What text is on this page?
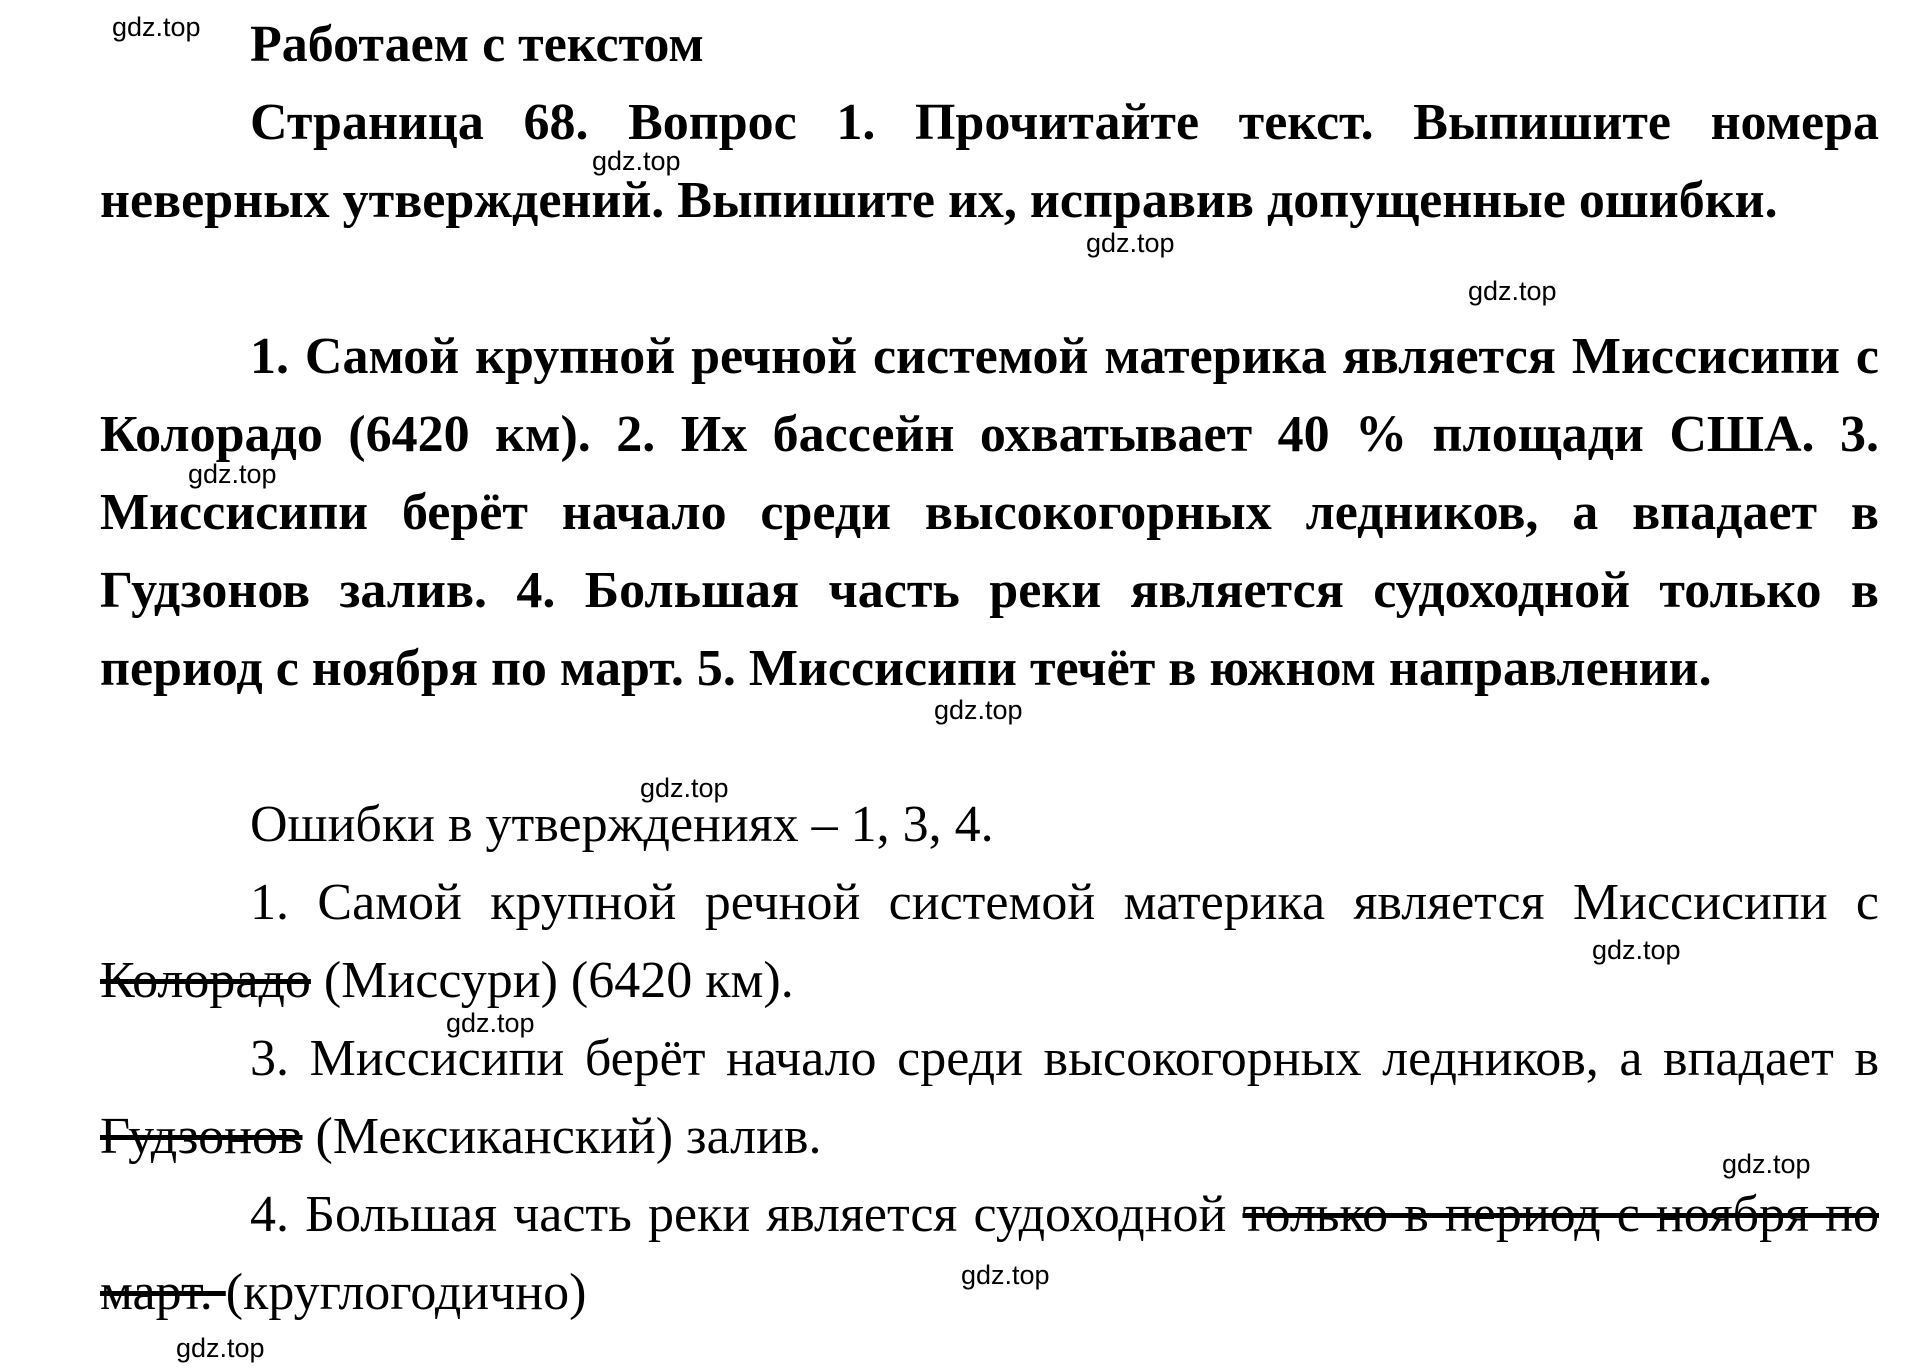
Работаем с текстом

Страница 68. Вопрос 1. Прочитайте текст. Выпишите номера неверных утверждений. Выпишите их, исправив допущенные ошибки.

1. Самой крупной речной системой материка является Миссисипи с Колорадо (6420 км). 2. Их бассейн охватывает 40 % площади США. 3. Миссисипи берёт начало среди высокогорных ледников, а впадает в Гудзонов залив. 4. Большая часть реки является судоходной только в период с ноября по март. 5. Миссисипи течёт в южном направлении.

Ошибки в утверждениях – 1, 3, 4.

1. Самой крупной речной системой материка является Миссисипи с Колорадо (Миссури) (6420 км).

3. Миссисипи берёт начало среди высокогорных ледников, а впадает в Гудзонов (Мексиканский) залив.

4. Большая часть реки является судоходной только в период с ноября по март. (круглогодично)

gdz.top
gdz.top
gdz.top
gdz.top
gdz.top
gdz.top
gdz.top
gdz.top
gdz.top
gdz.top
gdz.top
gdz.top
